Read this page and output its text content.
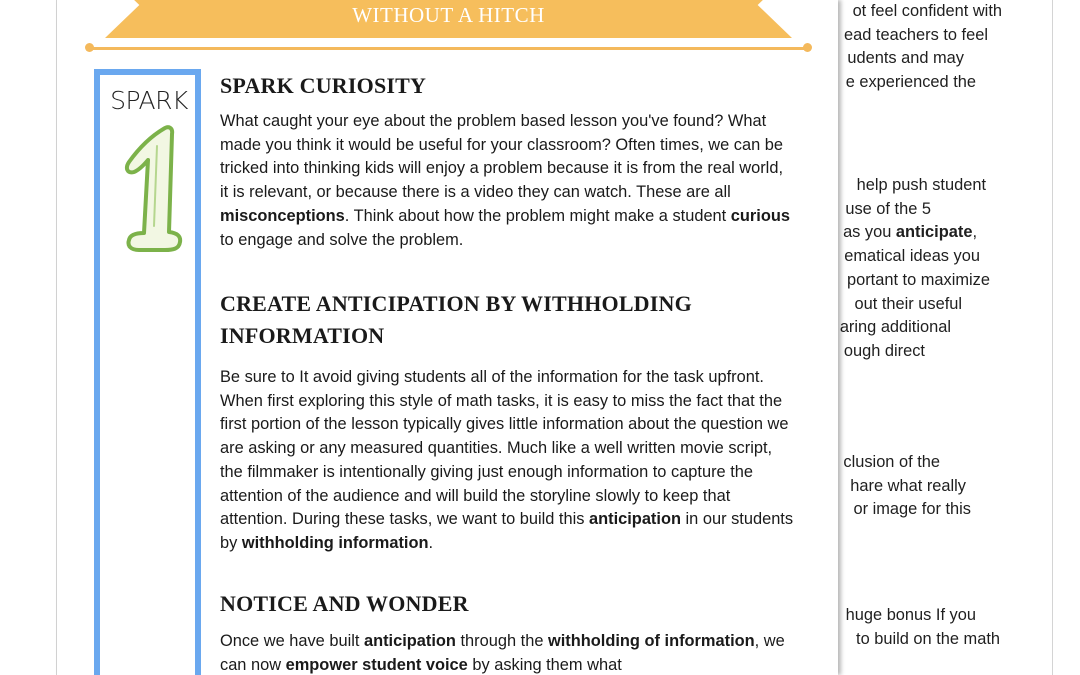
ot feel confident with
ead teachers to feel
udents and may
e experienced the
help push student
use of the 5
as you anticipate,
ematical ideas you
portant to maximize
out their useful
aring additional
ough direct
clusion of the
hare what really
or image for this
huge bonus If you
to build on the math
WITHOUT A HITCH
SPARK
SPARK CURIOSITY

What caught your eye about the problem based lesson you've found? What made you think it would be useful for your classroom? Often times, we can be tricked into thinking kids will enjoy a problem because it is from the real world, it is relevant, or because there is a video they can watch. These are all misconceptions. Think about how the problem might make a student curious to engage and solve the problem.

CREATE ANTICIPATION BY WITHHOLDING
INFORMATION

Be sure to It avoid giving students all of the information for the task upfront. When first exploring this style of math tasks, it is easy to miss the fact that the first portion of the lesson typically gives little information about the question we are asking or any measured quantities. Much like a well written movie script, the filmmaker is intentionally giving just enough information to capture the attention of the audience and will build the storyline slowly to keep that attention. During these tasks, we want to build this anticipation in our students by withholding information.

NOTICE AND WONDER

Once we have built anticipation through the withholding of information, we can now empower student voice by asking them what
